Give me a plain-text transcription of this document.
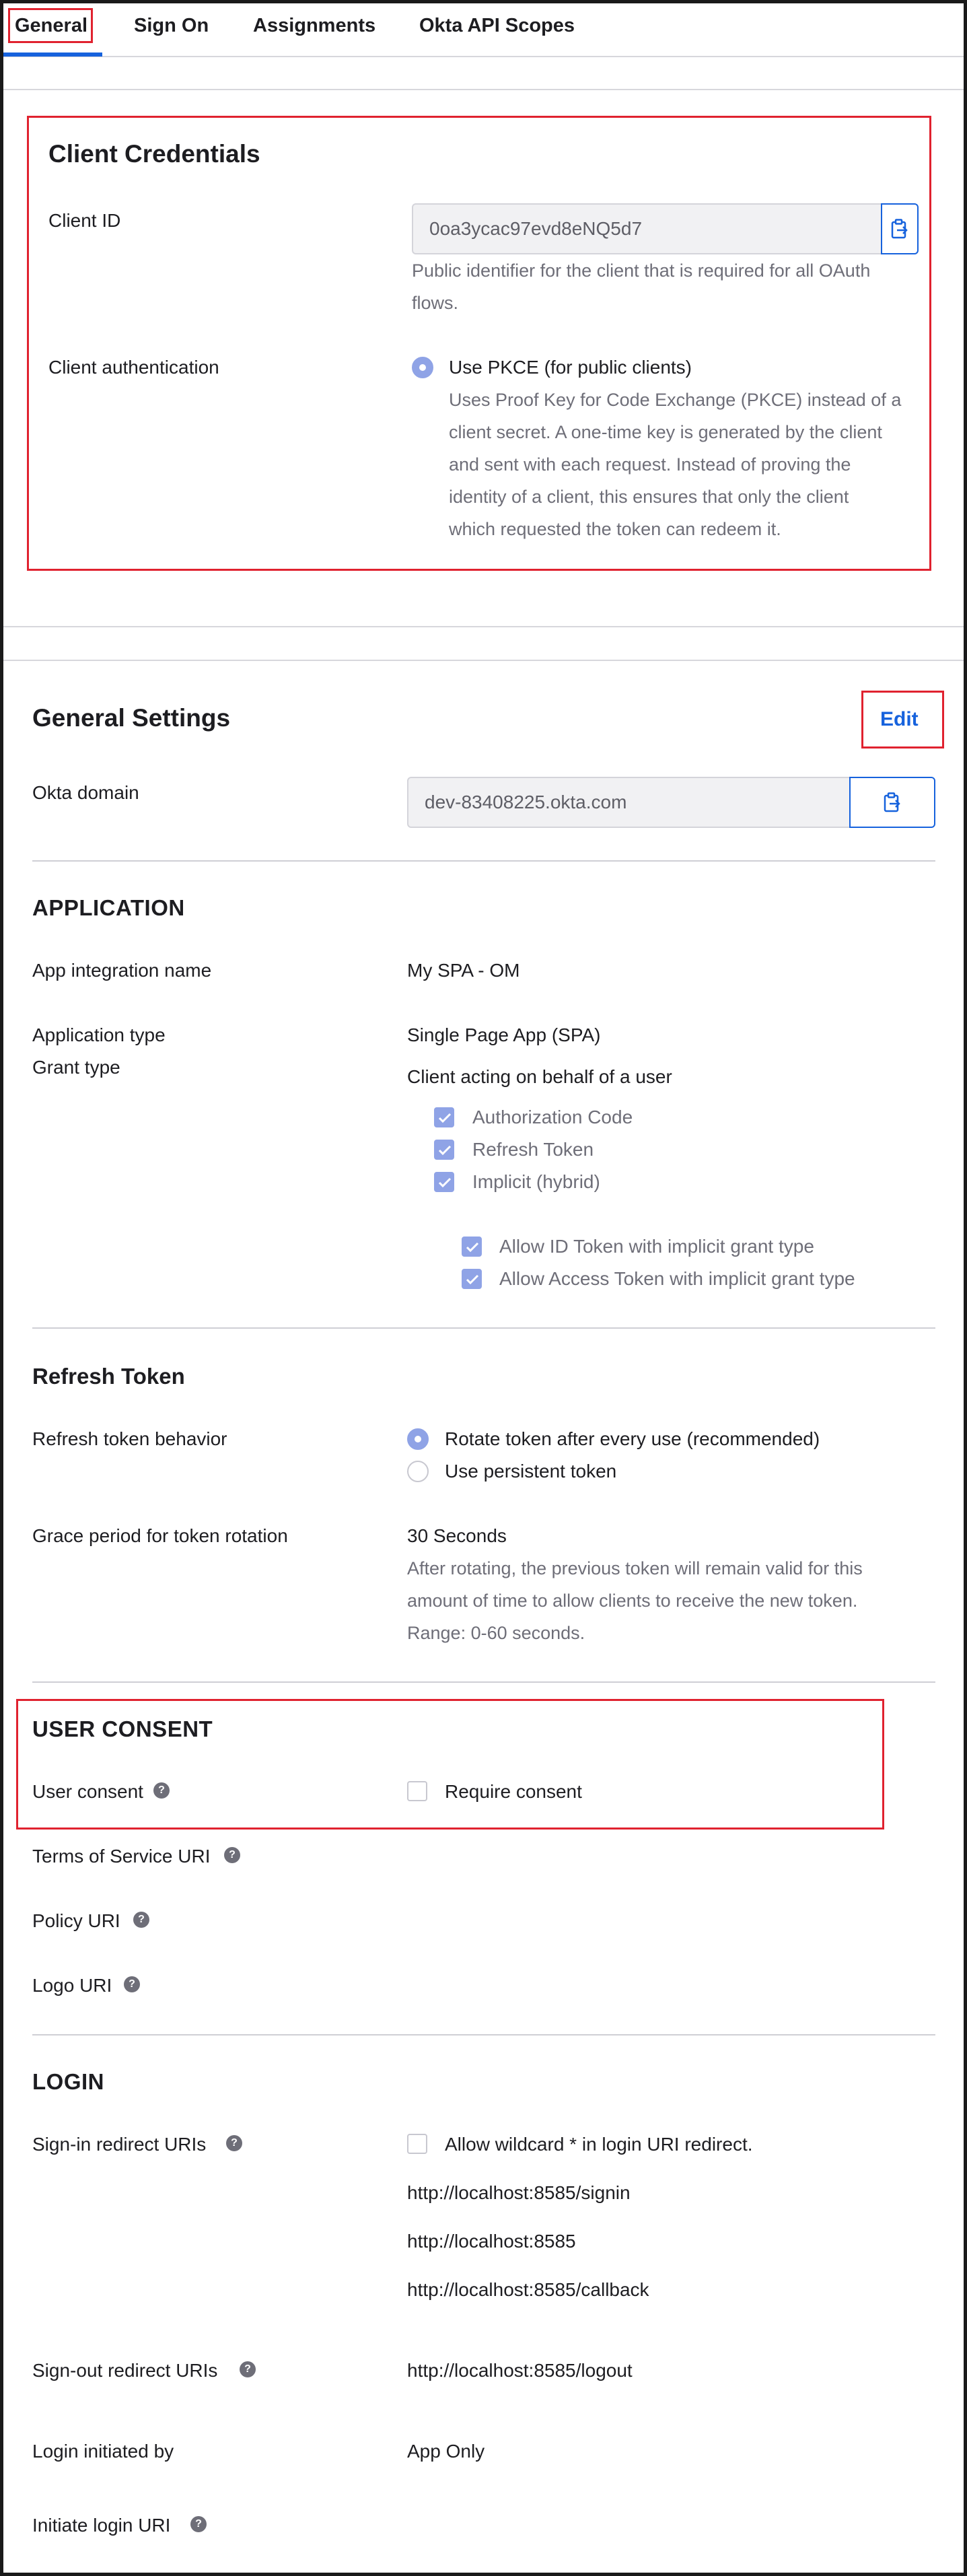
General Sign On Assignments Okta API Scopes
Client Credentials
Client ID	0oa3ycac97evd8eNQ5d7
Public identifier for the client that is required for all OAuth
flows.
Client authentication	Use PKCE (for public clients)
Uses Proof Key for Code Exchange (PKCE) instead of a
client secret. A one-time key is generated by the client
and sent with each request. Instead of proving the
identity of a client, this ensures that only the client
which requested the token can redeem it.
General Settings	Edit
Okta domain	dev-83408225.okta.com
APPLICATION
App integration name	My SPA - OM
Application type	Single Page App (SPA)
Grant type	Client acting on behalf of a user
Authorization Code
Refresh Token
Implicit (hybrid)
Allow ID Token with implicit grant type
Allow Access Token with implicit grant type
Refresh Token
Refresh token behavior	Rotate token after every use (recommended)
Use persistent token
Grace period for token rotation	30 Seconds
After rotating, the previous token will remain valid for this
amount of time to allow clients to receive the new token.
Range: 0-60 seconds.
USER CONSENT
User consent	?	Require consent
Terms of Service URI	?
Policy URI	?
Logo URI	?
LOGIN
Sign-in redirect URIs	?	Allow wildcard * in login URI redirect.
http://localhost:8585/signin
http://localhost:8585
http://localhost:8585/callback
Sign-out redirect URIs	?	http://localhost:8585/logout
Login initiated by	App Only
Initiate login URI	?
